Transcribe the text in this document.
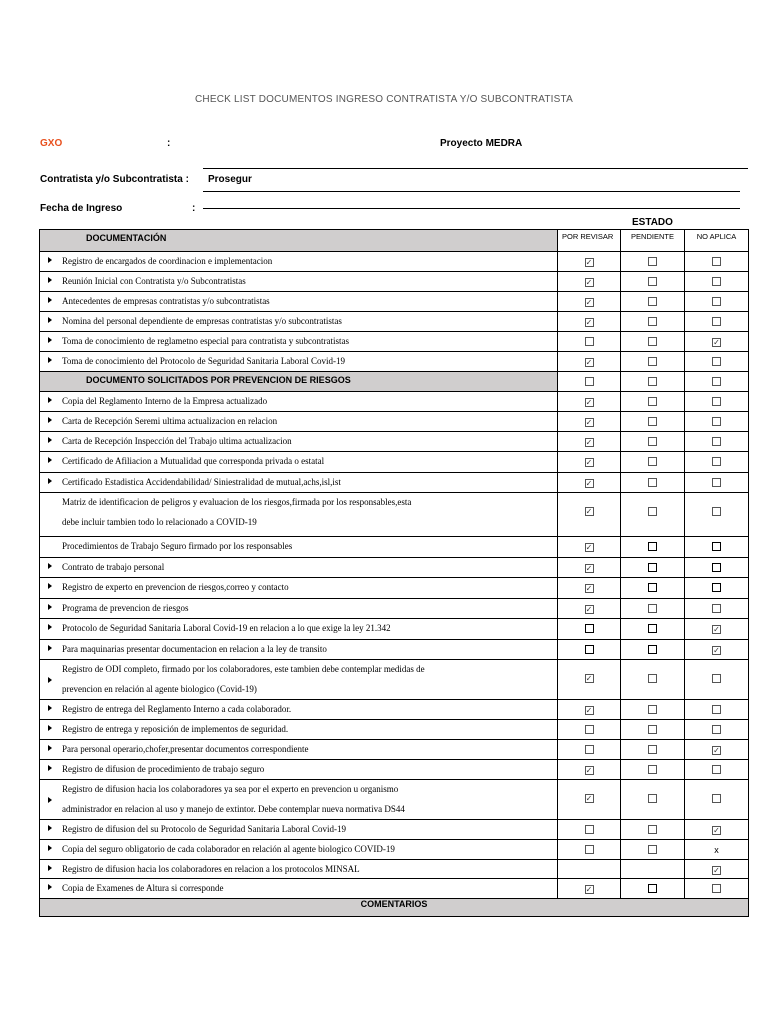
CHECK LIST DOCUMENTOS INGRESO CONTRATISTA Y/O SUBCONTRATISTA
GXO	:	Proyecto MEDRA
Contratista y/o Subcontratista : Prosegur
Fecha de Ingreso	:
ESTADO
DOCUMENTACIÓN	POR REVISAR	PENDIENTE	NO APLICA

Registro de encargados de coordinacion e implementacion	✓		

Reunión Inicial con Contratista y/o Subcontratistas	✓		

Antecedentes de empresas contratistas y/o subcontratistas	✓		

Nomina del personal dependiente de empresas contratistas y/o subcontratistas	✓		

Toma de conocimiento de reglametno especial para contratista y subcontratistas			✓

Toma de conocimiento del Protocolo de Seguridad Sanitaria Laboral Covid-19	✓		

DOCUMENTO SOLICITADOS POR PREVENCION DE RIESGOS			

Copia del Reglamento Interno de la Empresa actualizado	✓		

Carta de Recepción Seremi ultima actualizacion en relacion	✓		

Carta de Recepción Inspección del Trabajo ultima actualizacion	✓		

Certificado de Afiliacion a Mutualidad que corresponda privada o estatal	✓		

Certificado Estadistica Accidendabilidad/ Siniestralidad de mutual,achs,isl,ist	✓		

Matriz de identificacion de peligros y evaluacion de los riesgos,firmada por los responsables,esta
debe incluir tambien todo lo relacionado a COVID-19	✓		

Procedimientos de Trabajo Seguro firmado por los responsables	✓		

Contrato de trabajo personal	✓		

Registro de experto en prevencion de riesgos,correo y contacto	✓		

Programa de prevencion de riesgos	✓		

Protocolo de Seguridad Sanitaria Laboral Covid-19 en relacion a lo que exige la ley 21.342			✓

Para maquinarias presentar documentacion en relacion a la ley de transito			✓

Registro de ODI completo, firmado por los colaboradores, este tambien debe contemplar medidas de
prevencion en relación al agente biologico (Covid-19)	✓		

Registro de entrega del Reglamento Interno a cada colaborador.	✓		

Registro de entrega y reposición de implementos de seguridad.			

Para personal operario,chofer,presentar documentos correspondiente			✓

Registro de difusion de procedimiento de trabajo seguro	✓		

Registro de difusion hacia los colaboradores ya sea por el experto en prevencion u organismo
administrador en relacion al uso y manejo de extintor. Debe contemplar nueva normativa DS44	✓		

Registro de difusion del su Protocolo de Seguridad Sanitaria Laboral Covid-19			✓

Copia del seguro obligatorio de cada colaborador en relación al agente biologico COVID-19			x

Registro de difusion hacia los colaboradores en relacion a los protocolos MINSAL			✓

Copia de Examenes de Altura si corresponde	✓		
COMENTARIOS			
